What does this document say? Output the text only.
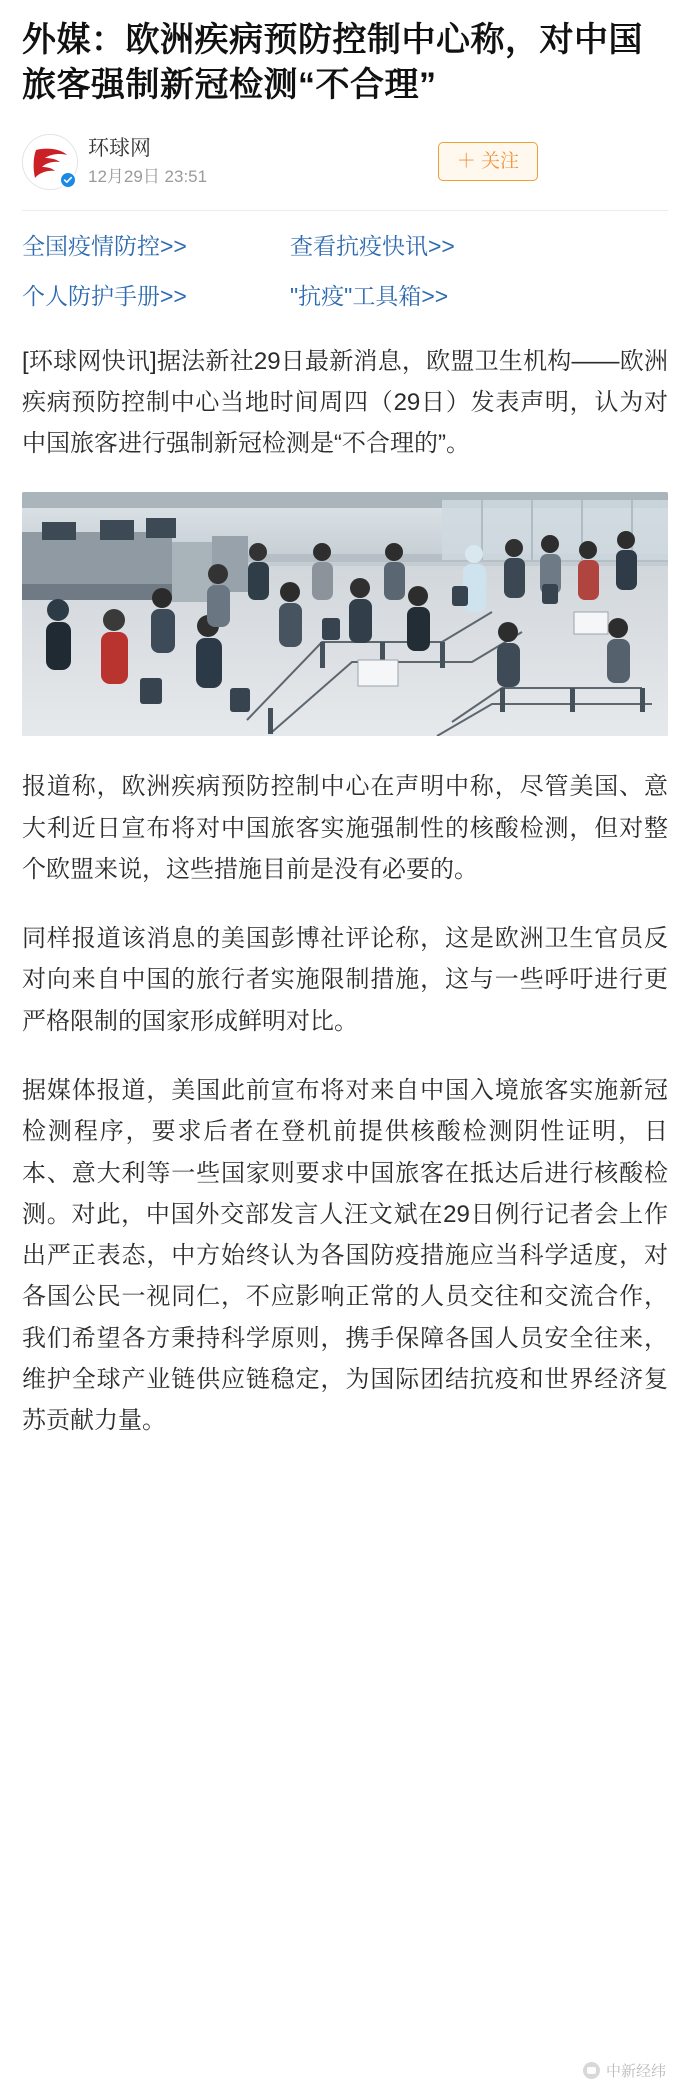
外媒：欧洲疾病预防控制中心称，对中国旅客强制新冠检测“不合理”
环球网
12月29日 23:51
＋ 关注
全国疫情防控>>	查看抗疫快讯>>
个人防护手册>>	"抗疫"工具箱>>

[环球网快讯]据法新社29日最新消息，欧盟卫生机构——欧洲疾病预防控制中心当地时间周四（29日）发表声明，认为对中国旅客进行强制新冠检测是“不合理的”。

报道称，欧洲疾病预防控制中心在声明中称，尽管美国、意大利近日宣布将对中国旅客实施强制性的核酸检测，但对整个欧盟来说，这些措施目前是没有必要的。

同样报道该消息的美国彭博社评论称，这是欧洲卫生官员反对向来自中国的旅行者实施限制措施，这与一些呼吁进行更严格限制的国家形成鲜明对比。

据媒体报道，美国此前宣布将对来自中国入境旅客实施新冠检测程序，要求后者在登机前提供核酸检测阴性证明，日本、意大利等一些国家则要求中国旅客在抵达后进行核酸检测。对此，中国外交部发言人汪文斌在29日例行记者会上作出严正表态，中方始终认为各国防疫措施应当科学适度，对各国公民一视同仁，不应影响正常的人员交往和交流合作，我们希望各方秉持科学原则，携手保障各国人员安全往来，维护全球产业链供应链稳定，为国际团结抗疫和世界经济复苏贡献力量。

中新经纬
